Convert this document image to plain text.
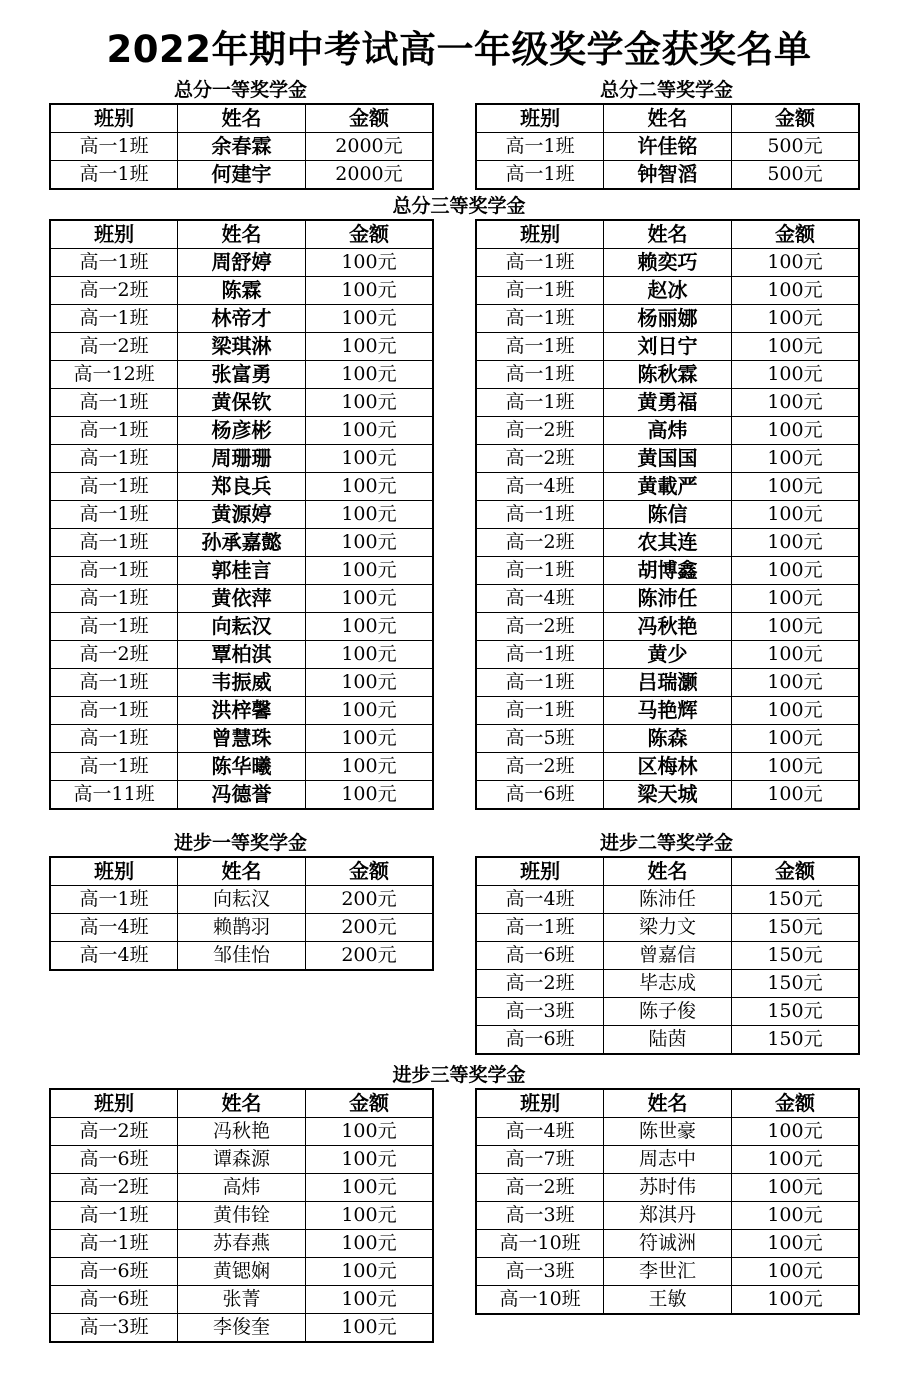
2022年期中考试高一年级奖学金获奖名单
总分一等奖学金	总分二等奖学金
班别	姓名	金额
高一1班	余春霖	2000元
高一1班	何建宇	2000元
班别	姓名	金额
高一1班	许佳铭	500元
高一1班	钟智滔	500元
总分三等奖学金
班别	姓名	金额
高一1班	周舒婷	100元
高一2班	陈霖	100元
高一1班	林帝才	100元
高一2班	梁琪淋	100元
高一12班	张富勇	100元
高一1班	黄保钦	100元
高一1班	杨彦彬	100元
高一1班	周珊珊	100元
高一1班	郑良兵	100元
高一1班	黄源婷	100元
高一1班	孙承嘉懿	100元
高一1班	郭桂言	100元
高一1班	黄依萍	100元
高一1班	向耘汉	100元
高一2班	覃柏淇	100元
高一1班	韦振威	100元
高一1班	洪梓馨	100元
高一1班	曾慧珠	100元
高一1班	陈华曦	100元
高一11班	冯德誉	100元
班别	姓名	金额
高一1班	赖奕巧	100元
高一1班	赵冰	100元
高一1班	杨丽娜	100元
高一1班	刘日宁	100元
高一1班	陈秋霖	100元
高一1班	黄勇福	100元
高一2班	高炜	100元
高一2班	黄国国	100元
高一4班	黄載严	100元
高一1班	陈信	100元
高一2班	农其连	100元
高一1班	胡博鑫	100元
高一4班	陈沛任	100元
高一2班	冯秋艳	100元
高一1班	黄少	100元
高一1班	吕瑞灏	100元
高一1班	马艳辉	100元
高一5班	陈森	100元
高一2班	区梅林	100元
高一6班	梁天城	100元
进步一等奖学金	进步二等奖学金
班别	姓名	金额
高一1班	向耘汉	200元
高一4班	赖鹊羽	200元
高一4班	邹佳怡	200元
班别	姓名	金额
高一4班	陈沛任	150元
高一1班	梁力文	150元
高一6班	曾嘉信	150元
高一2班	毕志成	150元
高一3班	陈子俊	150元
高一6班	陆茵	150元
进步三等奖学金
班别	姓名	金额
高一2班	冯秋艳	100元
高一6班	谭森源	100元
高一2班	高炜	100元
高一1班	黄伟铨	100元
高一1班	苏春燕	100元
高一6班	黄锶娴	100元
高一6班	张菁	100元
高一3班	李俊奎	100元
班别	姓名	金额
高一4班	陈世豪	100元
高一7班	周志中	100元
高一2班	苏时伟	100元
高一3班	郑淇丹	100元
高一10班	符诚洲	100元
高一3班	李世汇	100元
高一10班	王敏	100元
